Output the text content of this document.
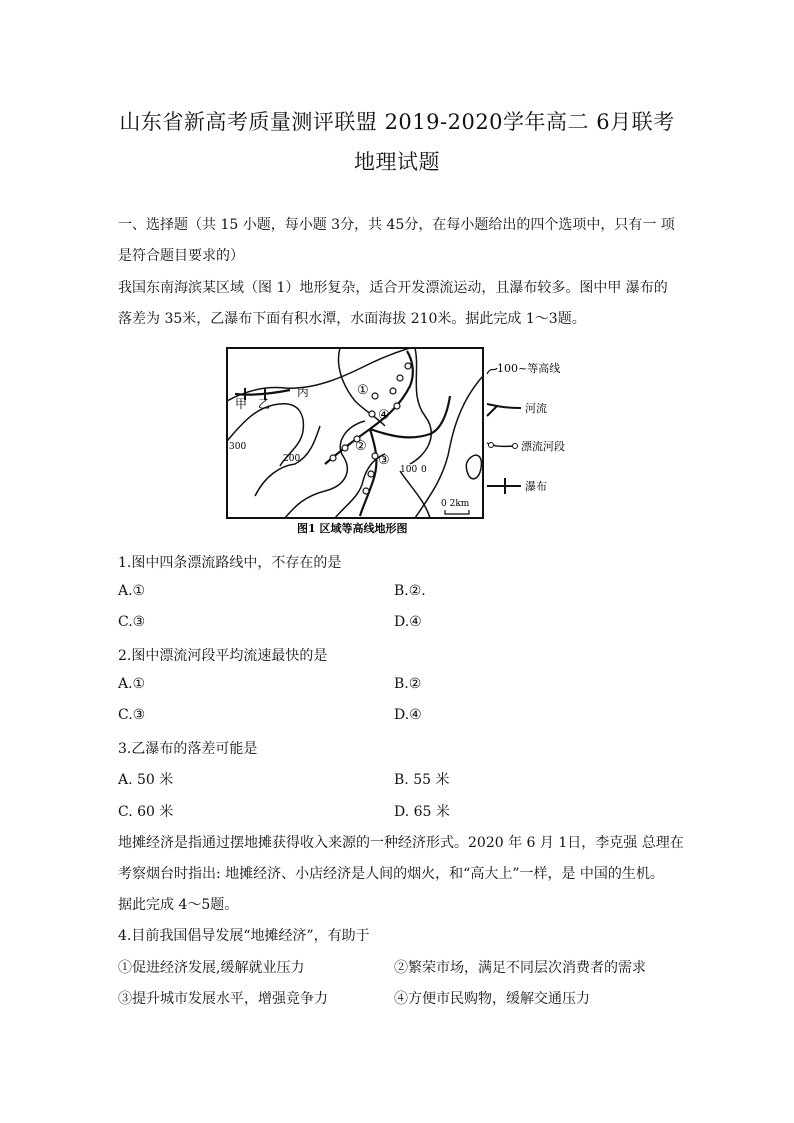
山东省新高考质量测评联盟 2019-2020学年高二 6月联考
地理试题
一、选择题（共 15 小题，每小题 3分，共 45分，在每小题给出的四个选项中，只有一 项
是符合题目要求的）
我国东南海滨某区域（图 1）地形复杂，适合开发漂流运动，且瀑布较多。图中甲 瀑布的
落差为 35米，乙瀑布下面有积水潭，水面海拔 210米。据此完成 1～3题。
甲 乙
丙	①
②
③
④
300
200
100 0
0 2km
100~等高线
河流
漂流河段
瀑布
图1 区域等高线地形图
1.图中四条漂流路线中，不存在的是
A.①	B.②.
C.③	D.④
2.图中漂流河段平均流速最快的是
A.①	B.②
C.③	D.④
3.乙瀑布的落差可能是
A. 50 米	B. 55 米
C. 60 米	D. 65 米
地摊经济是指通过摆地摊获得收入来源的一种经济形式。2020 年 6 月 1日，李克强 总理在
考察烟台时指出: 地摊经济、小店经济是人间的烟火，和“高大上”一样，是 中国的生机。
据此完成 4～5题。
4.目前我国倡导发展“地摊经济”，有助于
①促进经济发展,缓解就业压力	②繁荣市场，满足不同层次消费者的需求
③提升城市发展水平，增强竞争力	④方便市民购物，缓解交通压力
